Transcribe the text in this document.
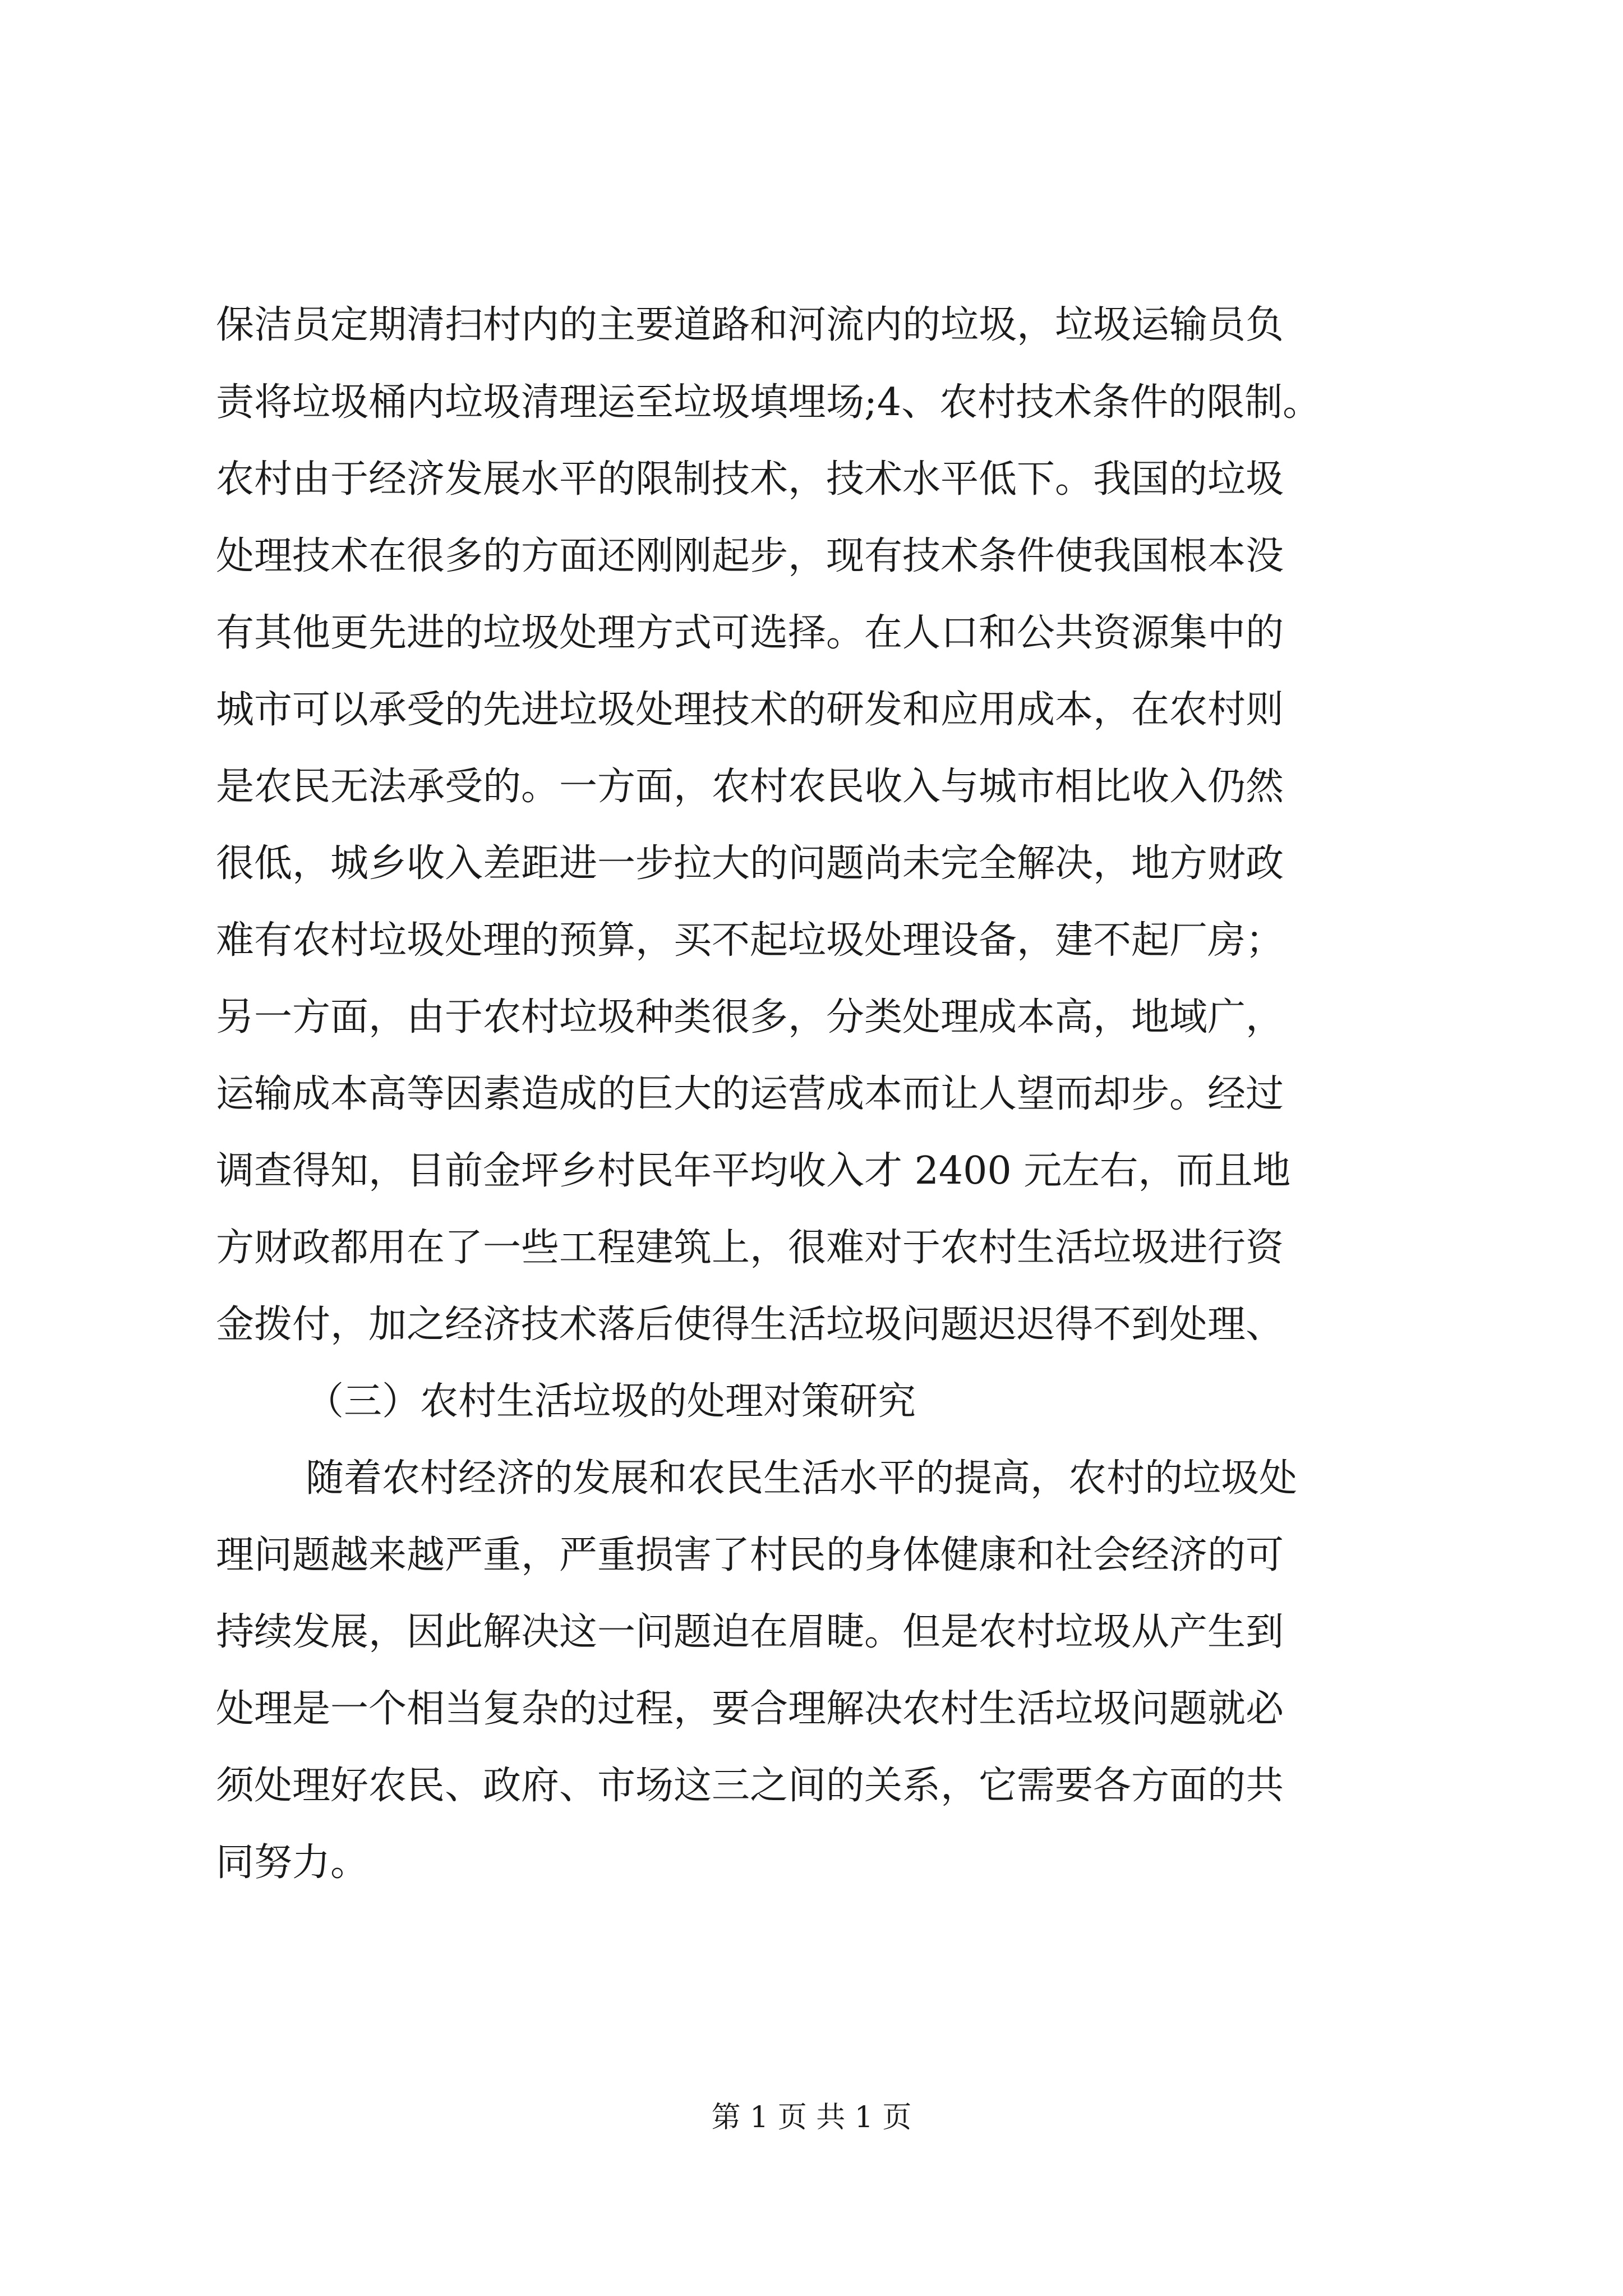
保洁员定期清扫村内的主要道路和河流内的垃圾，垃圾运输员负
责将垃圾桶内垃圾清理运至垃圾填埋场;4、农村技术条件的限制。
农村由于经济发展水平的限制技术，技术水平低下。我国的垃圾
处理技术在很多的方面还刚刚起步，现有技术条件使我国根本没
有其他更先进的垃圾处理方式可选择。在人口和公共资源集中的
城市可以承受的先进垃圾处理技术的研发和应用成本，在农村则
是农民无法承受的。一方面，农村农民收入与城市相比收入仍然
很低，城乡收入差距进一步拉大的问题尚未完全解决，地方财政
难有农村垃圾处理的预算，买不起垃圾处理设备，建不起厂房；
另一方面，由于农村垃圾种类很多，分类处理成本高，地域广，
运输成本高等因素造成的巨大的运营成本而让人望而却步。经过
调查得知，目前金坪乡村民年平均收入才 2400 元左右，而且地
方财政都用在了一些工程建筑上，很难对于农村生活垃圾进行资
金拨付，加之经济技术落后使得生活垃圾问题迟迟得不到处理、
（三）农村生活垃圾的处理对策研究
随着农村经济的发展和农民生活水平的提高，农村的垃圾处
理问题越来越严重，严重损害了村民的身体健康和社会经济的可
持续发展，因此解决这一问题迫在眉睫。但是农村垃圾从产生到
处理是一个相当复杂的过程，要合理解决农村生活垃圾问题就必
须处理好农民、政府、市场这三之间的关系，它需要各方面的共
同努力。
第 1 页 共 1 页
